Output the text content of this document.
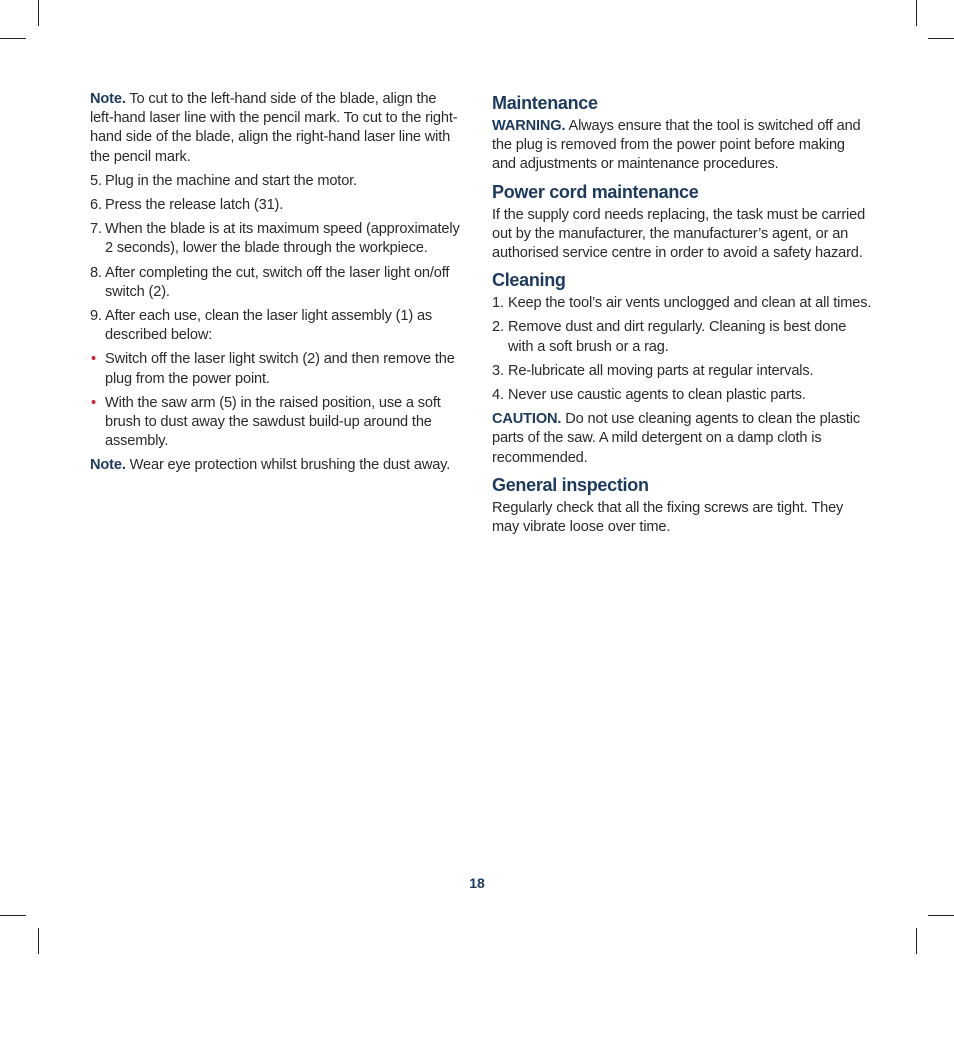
Note. To cut to the left-hand side of the blade, align the left-hand laser line with the pencil mark. To cut to the right-hand side of the blade, align the right-hand laser line with the pencil mark.

5. Plug in the machine and start the motor.
6. Press the release latch (31).
7. When the blade is at its maximum speed (approximately 2 seconds), lower the blade through the workpiece.
8. After completing the cut, switch off the laser light on/off switch (2).
9. After each use, clean the laser light assembly (1) as described below:
• Switch off the laser light switch (2) and then remove the plug from the power point.
• With the saw arm (5) in the raised position, use a soft brush to dust away the sawdust build-up around the assembly.

Note. Wear eye protection whilst brushing the dust away.

Maintenance

WARNING. Always ensure that the tool is switched off and the plug is removed from the power point before making and adjustments or maintenance procedures.

Power cord maintenance

If the supply cord needs replacing, the task must be carried out by the manufacturer, the manufacturer’s agent, or an authorised service centre in order to avoid a safety hazard.

Cleaning
1. Keep the tool’s air vents unclogged and clean at all times.
2. Remove dust and dirt regularly. Cleaning is best done with a soft brush or a rag.
3. Re-lubricate all moving parts at regular intervals.
4. Never use caustic agents to clean plastic parts.

CAUTION. Do not use cleaning agents to clean the plastic parts of the saw. A mild detergent on a damp cloth is recommended.

General inspection

Regularly check that all the fixing screws are tight. They may vibrate loose over time.

18
